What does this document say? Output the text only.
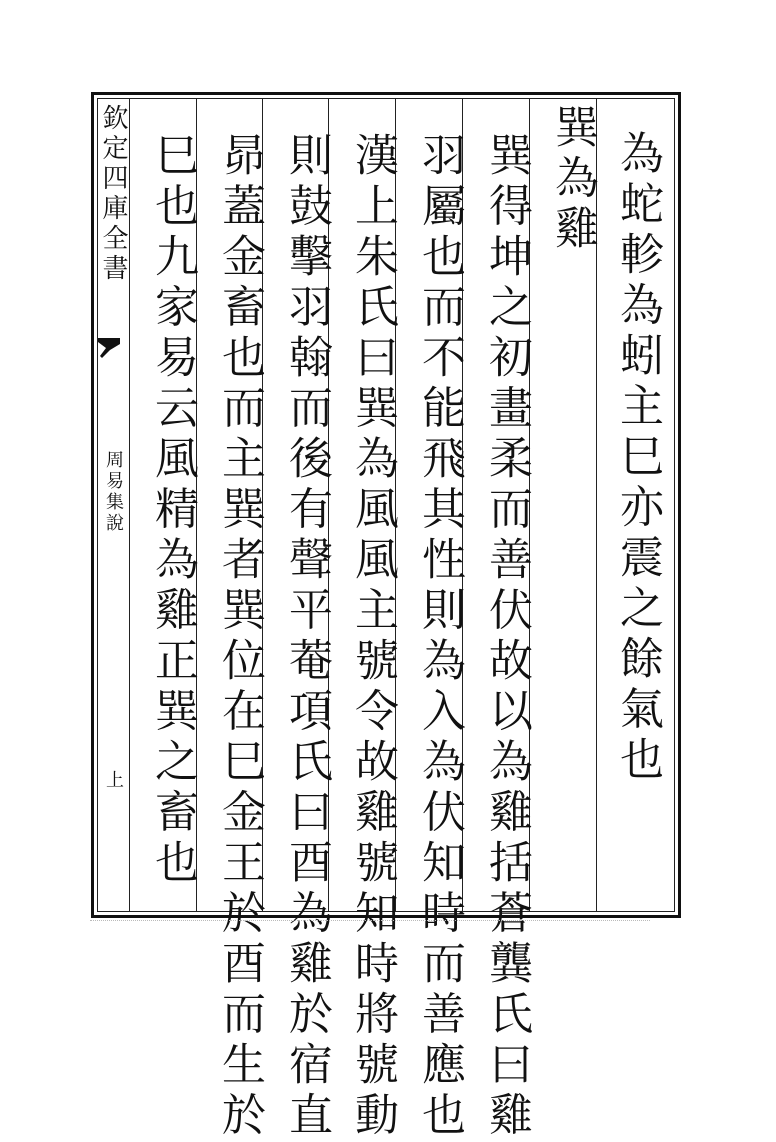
欽定四庫全書
周易集說
上	為蛇軫為蚓主巳亦震之餘氣也
巽為雞
巽得坤之初畫柔而善伏故以為雞括蒼龔氏曰雞
羽屬也而不能飛其性則為入為伏知時而善應也
漢上朱氏曰巽為風風主號令故雞號知時將號動
則鼓擊羽翰而後有聲平菴項氏曰酉為雞於宿直
昴蓋金畜也而主巽者巽位在巳金王於酉而生於
巳也九家易云風精為雞正巽之畜也
